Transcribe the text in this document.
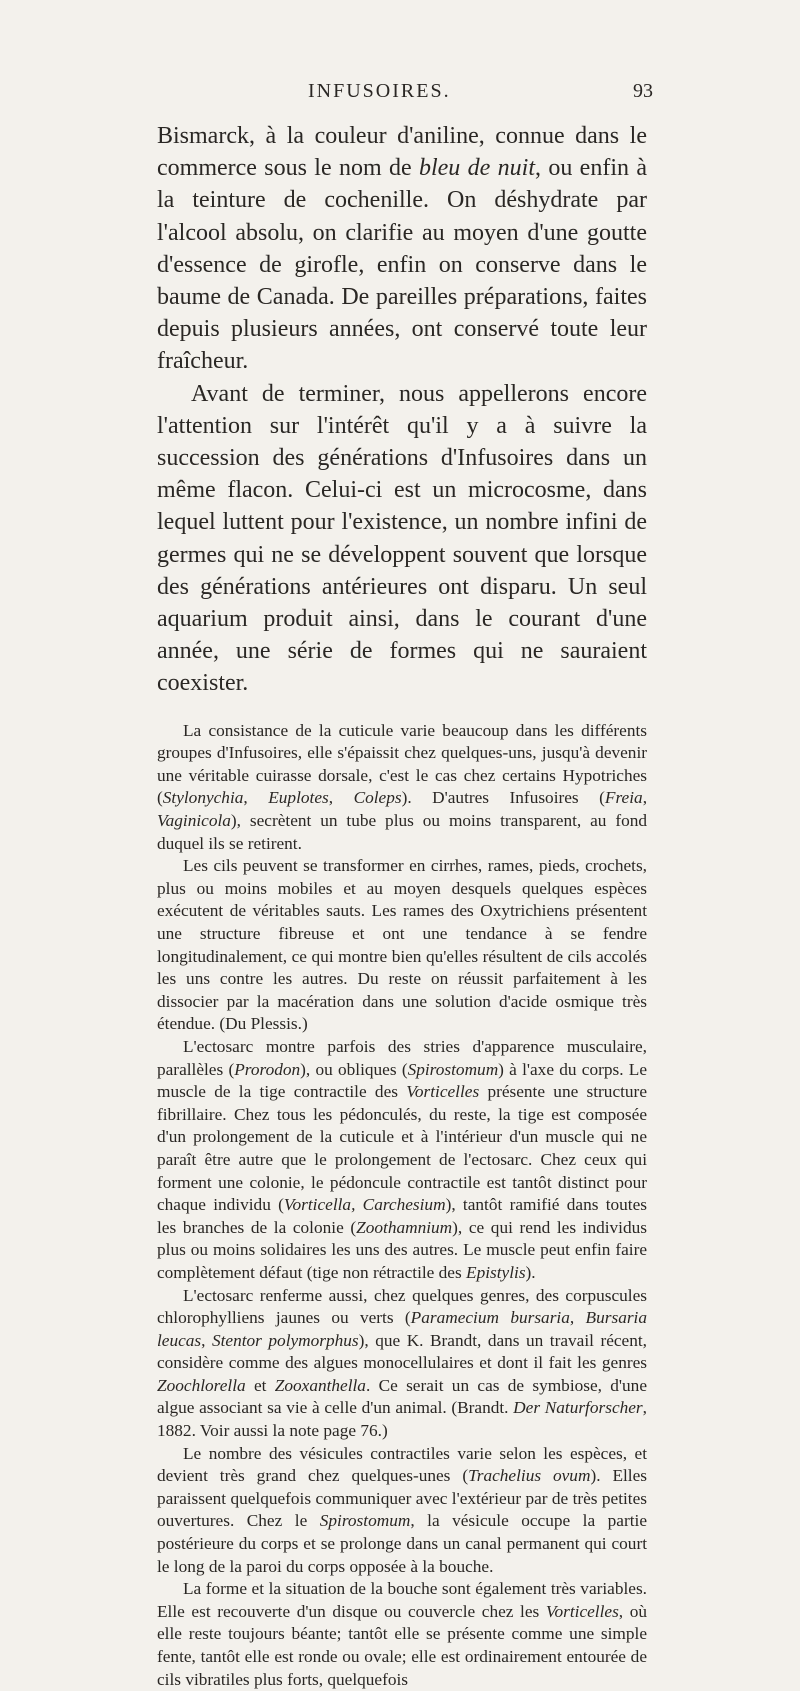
INFUSOIRES.	93

Bismarck, à la couleur d'aniline, connue dans le commerce sous le nom de bleu de nuit, ou enfin à la teinture de cochenille. On déshydrate par l'alcool absolu, on clarifie au moyen d'une goutte d'essence de girofle, enfin on conserve dans le baume de Canada. De pareilles préparations, faites depuis plusieurs années, ont conservé toute leur fraîcheur.

Avant de terminer, nous appellerons encore l'attention sur l'intérêt qu'il y a à suivre la succession des générations d'Infusoires dans un même flacon. Celui-ci est un microcosme, dans lequel luttent pour l'existence, un nombre infini de germes qui ne se développent souvent que lorsque des générations antérieures ont disparu. Un seul aquarium produit ainsi, dans le courant d'une année, une série de formes qui ne sauraient coexister.

La consistance de la cuticule varie beaucoup dans les différents groupes d'Infusoires, elle s'épaissit chez quelques-uns, jusqu'à devenir une véritable cuirasse dorsale, c'est le cas chez certains Hypotriches (Stylonychia, Euplotes, Coleps). D'autres Infusoires (Freia, Vaginicola), secrètent un tube plus ou moins transparent, au fond duquel ils se retirent.

Les cils peuvent se transformer en cirrhes, rames, pieds, crochets, plus ou moins mobiles et au moyen desquels quelques espèces exécutent de véritables sauts. Les rames des Oxytrichiens présentent une structure fibreuse et ont une tendance à se fendre longitudinalement, ce qui montre bien qu'elles résultent de cils accolés les uns contre les autres. Du reste on réussit parfaitement à les dissocier par la macération dans une solution d'acide osmique très étendue. (Du Plessis.)

L'ectosarc montre parfois des stries d'apparence musculaire, parallèles (Prorodon), ou obliques (Spirostomum) à l'axe du corps. Le muscle de la tige contractile des Vorticelles présente une structure fibrillaire. Chez tous les pédonculés, du reste, la tige est composée d'un prolongement de la cuticule et à l'intérieur d'un muscle qui ne paraît être autre que le prolongement de l'ectosarc. Chez ceux qui forment une colonie, le pédoncule contractile est tantôt distinct pour chaque individu (Vorticella, Carchesium), tantôt ramifié dans toutes les branches de la colonie (Zoothamnium), ce qui rend les individus plus ou moins solidaires les uns des autres. Le muscle peut enfin faire complètement défaut (tige non rétractile des Epistylis).

L'ectosarc renferme aussi, chez quelques genres, des corpuscules chlorophylliens jaunes ou verts (Paramecium bursaria, Bursaria leucas, Stentor polymorphus), que K. Brandt, dans un travail récent, considère comme des algues monocellulaires et dont il fait les genres Zoochlorella et Zooxanthella. Ce serait un cas de symbiose, d'une algue associant sa vie à celle d'un animal. (Brandt. Der Naturforscher, 1882. Voir aussi la note page 76.)

Le nombre des vésicules contractiles varie selon les espèces, et devient très grand chez quelques-unes (Trachelius ovum). Elles paraissent quelquefois communiquer avec l'extérieur par de très petites ouvertures. Chez le Spirostomum, la vésicule occupe la partie postérieure du corps et se prolonge dans un canal permanent qui court le long de la paroi du corps opposée à la bouche.

La forme et la situation de la bouche sont également très variables. Elle est recouverte d'un disque ou couvercle chez les Vorticelles, où elle reste toujours béante; tantôt elle se présente comme une simple fente, tantôt elle est ronde ou ovale; elle est ordinairement entourée de cils vibratiles plus forts, quelquefois
